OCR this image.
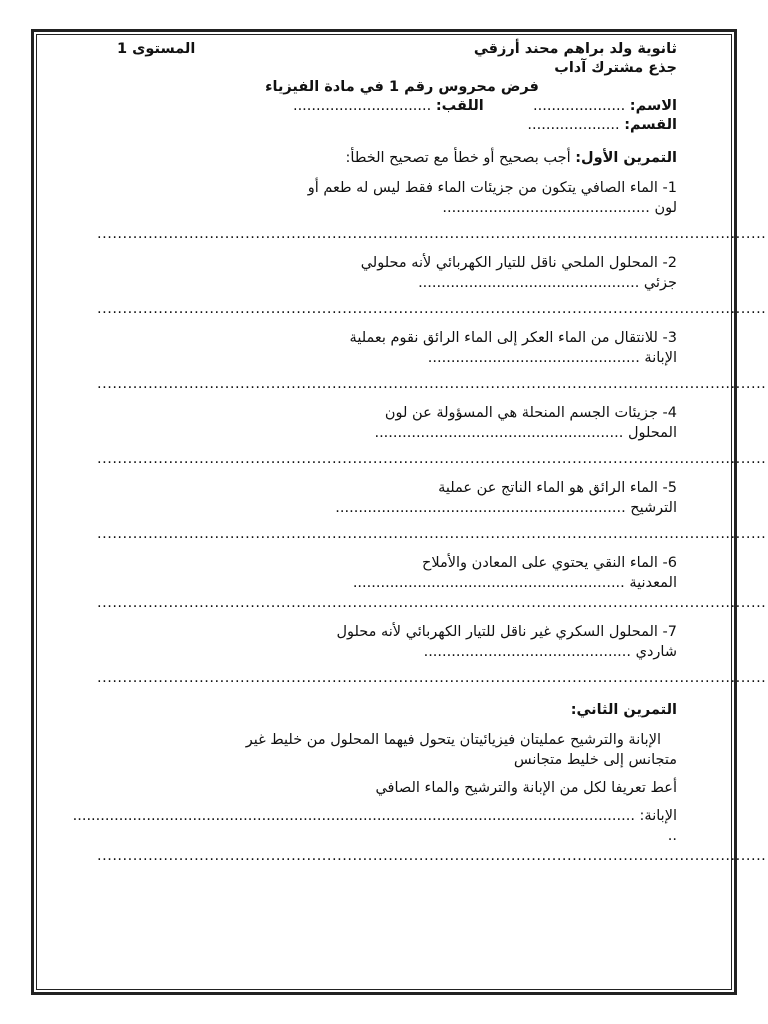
ثانوية ولد براهم محند أرزقي
المستوى 1
جذع مشترك آداب
فرض محروس رقم 1 في مادة الفيزياء
الاسم: ....................  اللقب: ..............................
القسم: ....................
التمرين الأول: أجب بصحيح أو خطأ مع تصحيح الخطأ:

1- الماء الصافي يتكون من جزيئات الماء فقط ليس له طعم أو

لون .............................................

...................................................................................................................................

2- المحلول الملحي ناقل للتيار الكهربائي لأنه محلولي

جزئي ................................................

...................................................................................................................................

3- للانتقال من الماء العكر إلى الماء الرائق نقوم بعملية

الإبانة ..............................................

...................................................................................................................................

4- جزيئات الجسم المنحلة هي المسؤولة عن لون

المحلول ......................................................

...................................................................................................................................

5- الماء الرائق هو الماء الناتج عن عملية

الترشيح ...............................................................

...................................................................................................................................

6- الماء النقي يحتوي على المعادن والأملاح

المعدنية ...........................................................

...................................................................................................................................

7- المحلول السكري غير ناقل للتيار الكهربائي لأنه محلول

شاردي .............................................

...................................................................................................................................
التمرين الثاني:

الإبانة والترشيح عمليتان فيزيائيتان يتحول فيهما المحلول من خليط غير

متجانس إلى خليط متجانس
أعط تعريفا لكل من الإبانة والترشيح والماء الصافي

الإبانة: ..........................................................................................................................

..

...................................................................................................................................
